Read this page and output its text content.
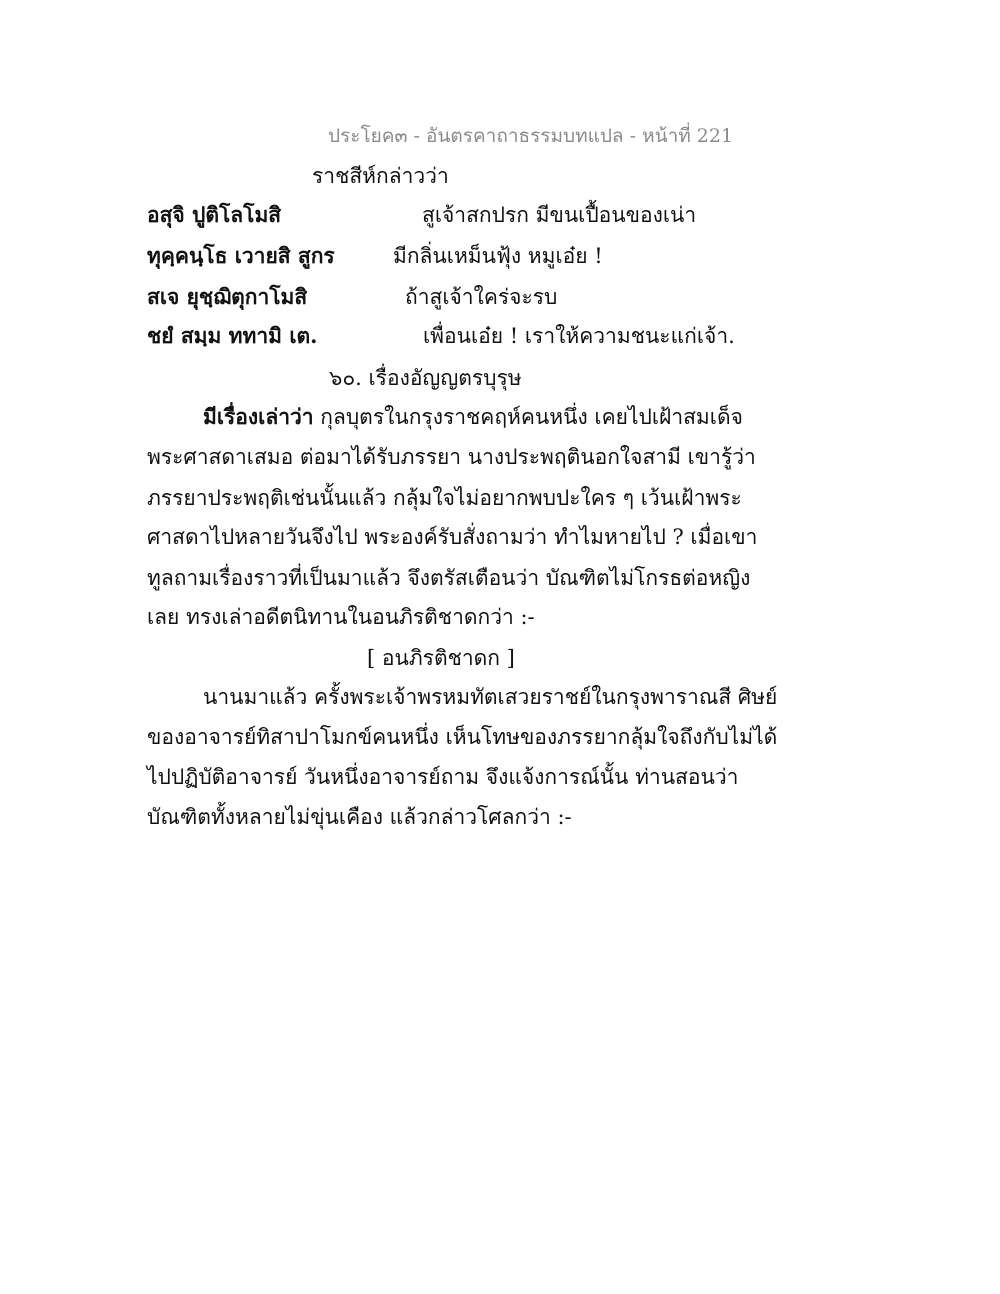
ประโยค๓ - อันตรคาถาธรรมบทแปล - หน้าที่ 221
ราชสีห์กล่าวว่า
อสุจิ ปูติโลโมสิ	สูเจ้าสกปรก มีขนเปื้อนของเน่า
ทุคฺคนฺโธ เวายสิ สูกร	มีกลิ่นเหม็นฟุ้ง หมูเอ๋ย !
สเจ ยุชฺฌิตุกาโมสิ	ถ้าสูเจ้าใคร่จะรบ
ชยํ สมฺม ททามิ เต.	เพื่อนเอ๋ย ! เราให้ความชนะแก่เจ้า.
๖๐. เรื่องอัญญตรบุรุษ
มีเรื่องเล่าว่า กุลบุตรในกรุงราชคฤห์คนหนึ่ง เคยไปเฝ้าสมเด็จ
พระศาสดาเสมอ ต่อมาได้รับภรรยา นางประพฤตินอกใจสามี เขารู้ว่า
ภรรยาประพฤติเช่นนั้นแล้ว กลุ้มใจไม่อยากพบปะใคร ๆ เว้นเฝ้าพระ
ศาสดาไปหลายวันจึงไป พระองค์รับสั่งถามว่า ทำไมหายไป ? เมื่อเขา
ทูลถามเรื่องราวที่เป็นมาแล้ว จึงตรัสเตือนว่า บัณฑิตไม่โกรธต่อหญิง
เลย ทรงเล่าอดีตนิทานในอนภิรติชาดกว่า :-
[ อนภิรติชาดก ]
นานมาแล้ว ครั้งพระเจ้าพรหมทัตเสวยราชย์ในกรุงพาราณสี ศิษย์
ของอาจารย์ทิสาปาโมกข์คนหนึ่ง เห็นโทษของภรรยากลุ้มใจถึงกับไม่ได้
ไปปฏิบัติอาจารย์ วันหนึ่งอาจารย์ถาม จึงแจ้งการณ์นั้น ท่านสอนว่า
บัณฑิตทั้งหลายไม่ขุ่นเคือง แล้วกล่าวโศลกว่า :-
